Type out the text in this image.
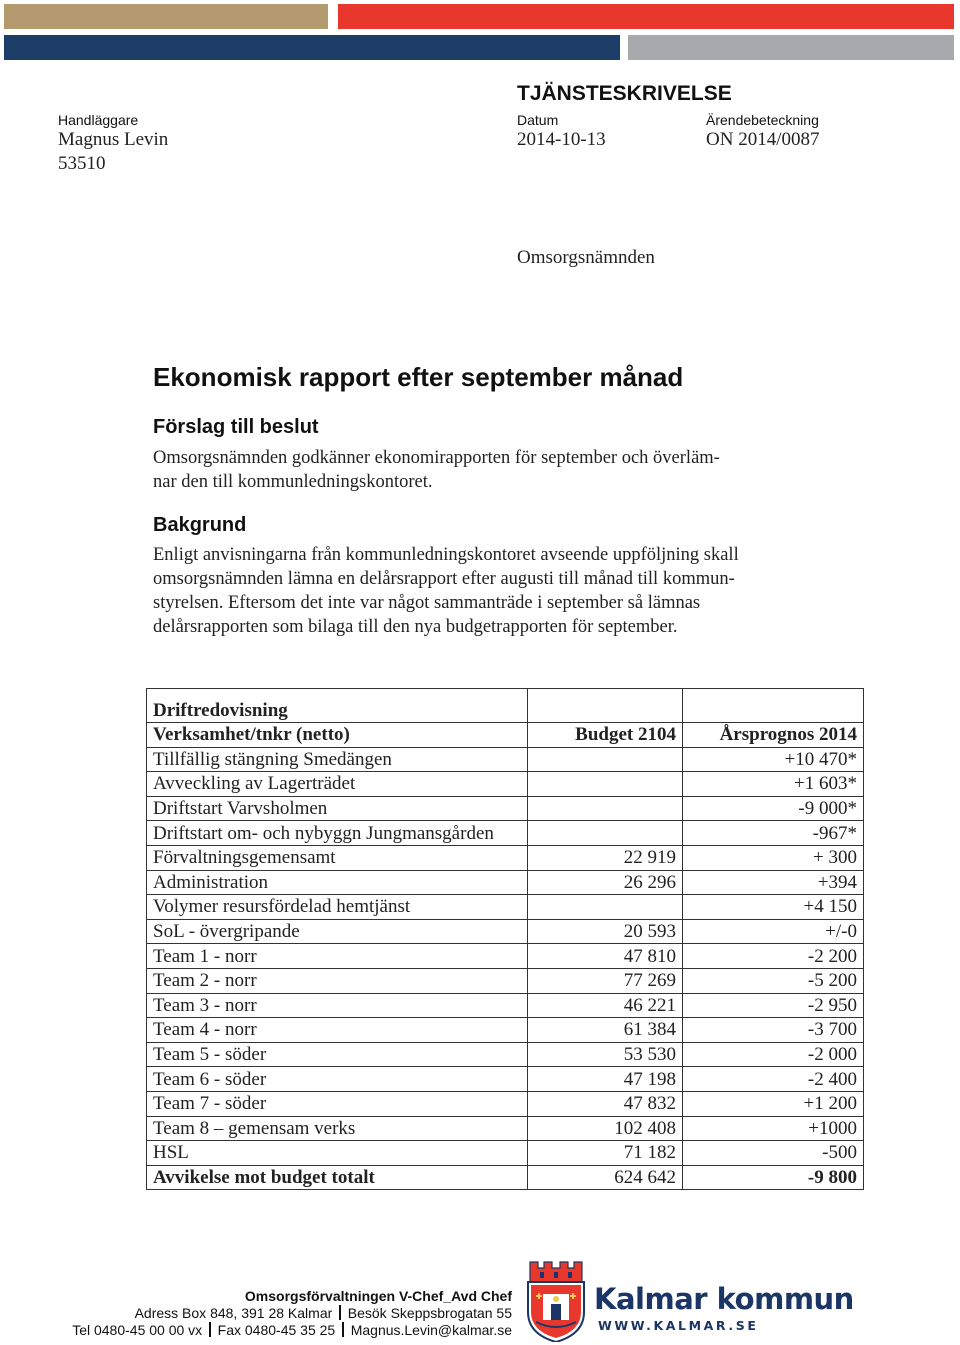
TJÄNSTESKRIVELSE
Handläggare
Magnus Levin
53510
Datum
2014-10-13
Ärendebeteckning
ON 2014/0087
Omsorgsnämnden
Ekonomisk rapport efter september månad
Förslag till beslut
Omsorgsnämnden godkänner ekonomirapporten för september och överläm-
nar den till kommunledningskontoret.
Bakgrund
Enligt anvisningarna från kommunledningskontoret avseende uppföljning skall
omsorgsnämnden lämna en delårsrapport efter augusti till månad till kommun-
styrelsen. Eftersom det inte var något sammanträde i september så lämnas
delårsrapporten som bilaga till den nya budgetrapporten för september.
Driftredovisning		
Verksamhet/tnkr (netto)	Budget 2104	Årsprognos 2014
Tillfällig stängning Smedängen		+10 470*
Avveckling av Lagerträdet		+1 603*
Driftstart Varvsholmen		-9 000*
Driftstart om- och nybyggn Jungmansgården		-967*
Förvaltningsgemensamt	22 919	+ 300
Administration	26 296	+394
Volymer resursfördelad hemtjänst		+4 150
SoL - övergripande	20 593	+/-0
Team 1 - norr	47 810	-2 200
Team 2 - norr	77 269	-5 200
Team 3 - norr	46 221	-2 950
Team 4 - norr	61 384	-3 700
Team 5 - söder	53 530	-2 000
Team 6 - söder	47 198	-2 400
Team 7 - söder	47 832	+1 200
Team 8 – gemensam verks	102 408	+1000
HSL	71 182	-500
Avvikelse mot budget totalt	624 642	-9 800
Omsorgsförvaltningen V-Chef_Avd Chef
Adress Box 848, 391 28 Kalmar Besök Skeppsbrogatan 55
Tel 0480-45 00 00 vx Fax 0480-45 35 25 Magnus.Levin@kalmar.se
Kalmar kommun
WWW.KALMAR.SE
